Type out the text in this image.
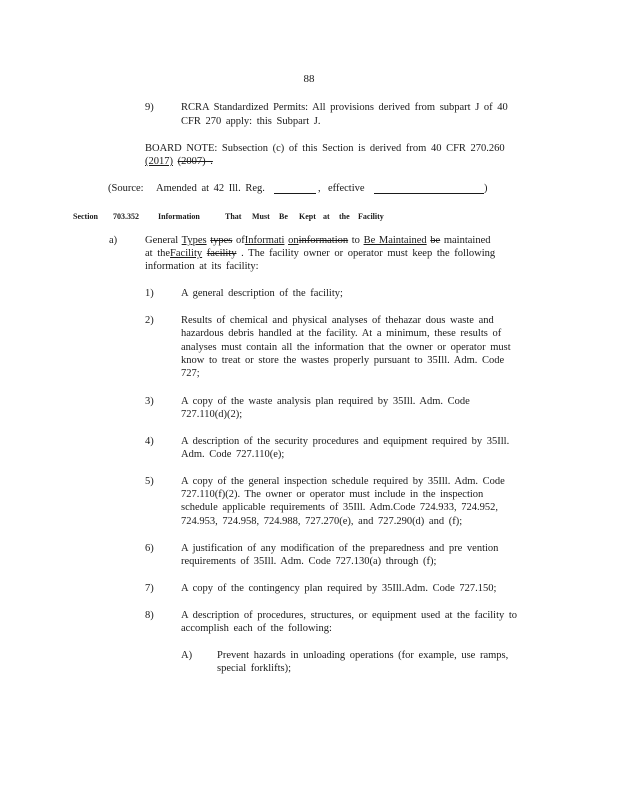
88
9)	RCRA Standardized Permits: All provisions derived from subpart J of 40
CFR 270 apply: this Subpart J.
BOARD NOTE: Subsection (c) of this Section is derived from 40 CFR 270.260
(2017) (2007) .
(Source: Amended at 42 Ill. Reg.	, effective	)
Section 703.352 Information	That Must Be Kept at the Facility
a)	General Types types ofInformati oninformation to Be Maintained be maintained
at theFacility facility . The facility owner or operator must keep the following
information at its facility:
1)	A general description of the facility;
2)	Results of chemical and physical analyses of thehazar dous waste and
hazardous debris handled at the facility. At a minimum, these results of
analyses must contain all the information that the owner or operator must
know to treat or store the wastes properly pursuant to 35Ill. Adm. Code
727;
3)	A copy of the waste analysis plan required by 35Ill. Adm. Code
727.110(d)(2);
4)	A description of the security procedures and equipment required by 35Ill.
Adm. Code 727.110(e);
5)	A copy of the general inspection schedule required by 35Ill. Adm. Code
727.110(f)(2). The owner or operator must include in the inspection
schedule applicable requirements of 35Ill. Adm.Code 724.933, 724.952,
724.953, 724.958, 724.988, 727.270(e), and 727.290(d) and (f);
6)	A justification of any modification of the preparedness and pre vention
requirements of 35Ill. Adm. Code 727.130(a) through (f);
7)	A copy of the contingency plan required by 35Ill.Adm. Code 727.150;
8)	A description of procedures, structures, or equipment used at the facility to
accomplish each of the following:
A) Prevent hazards in unloading operations (for example, use ramps,
special forklifts);
